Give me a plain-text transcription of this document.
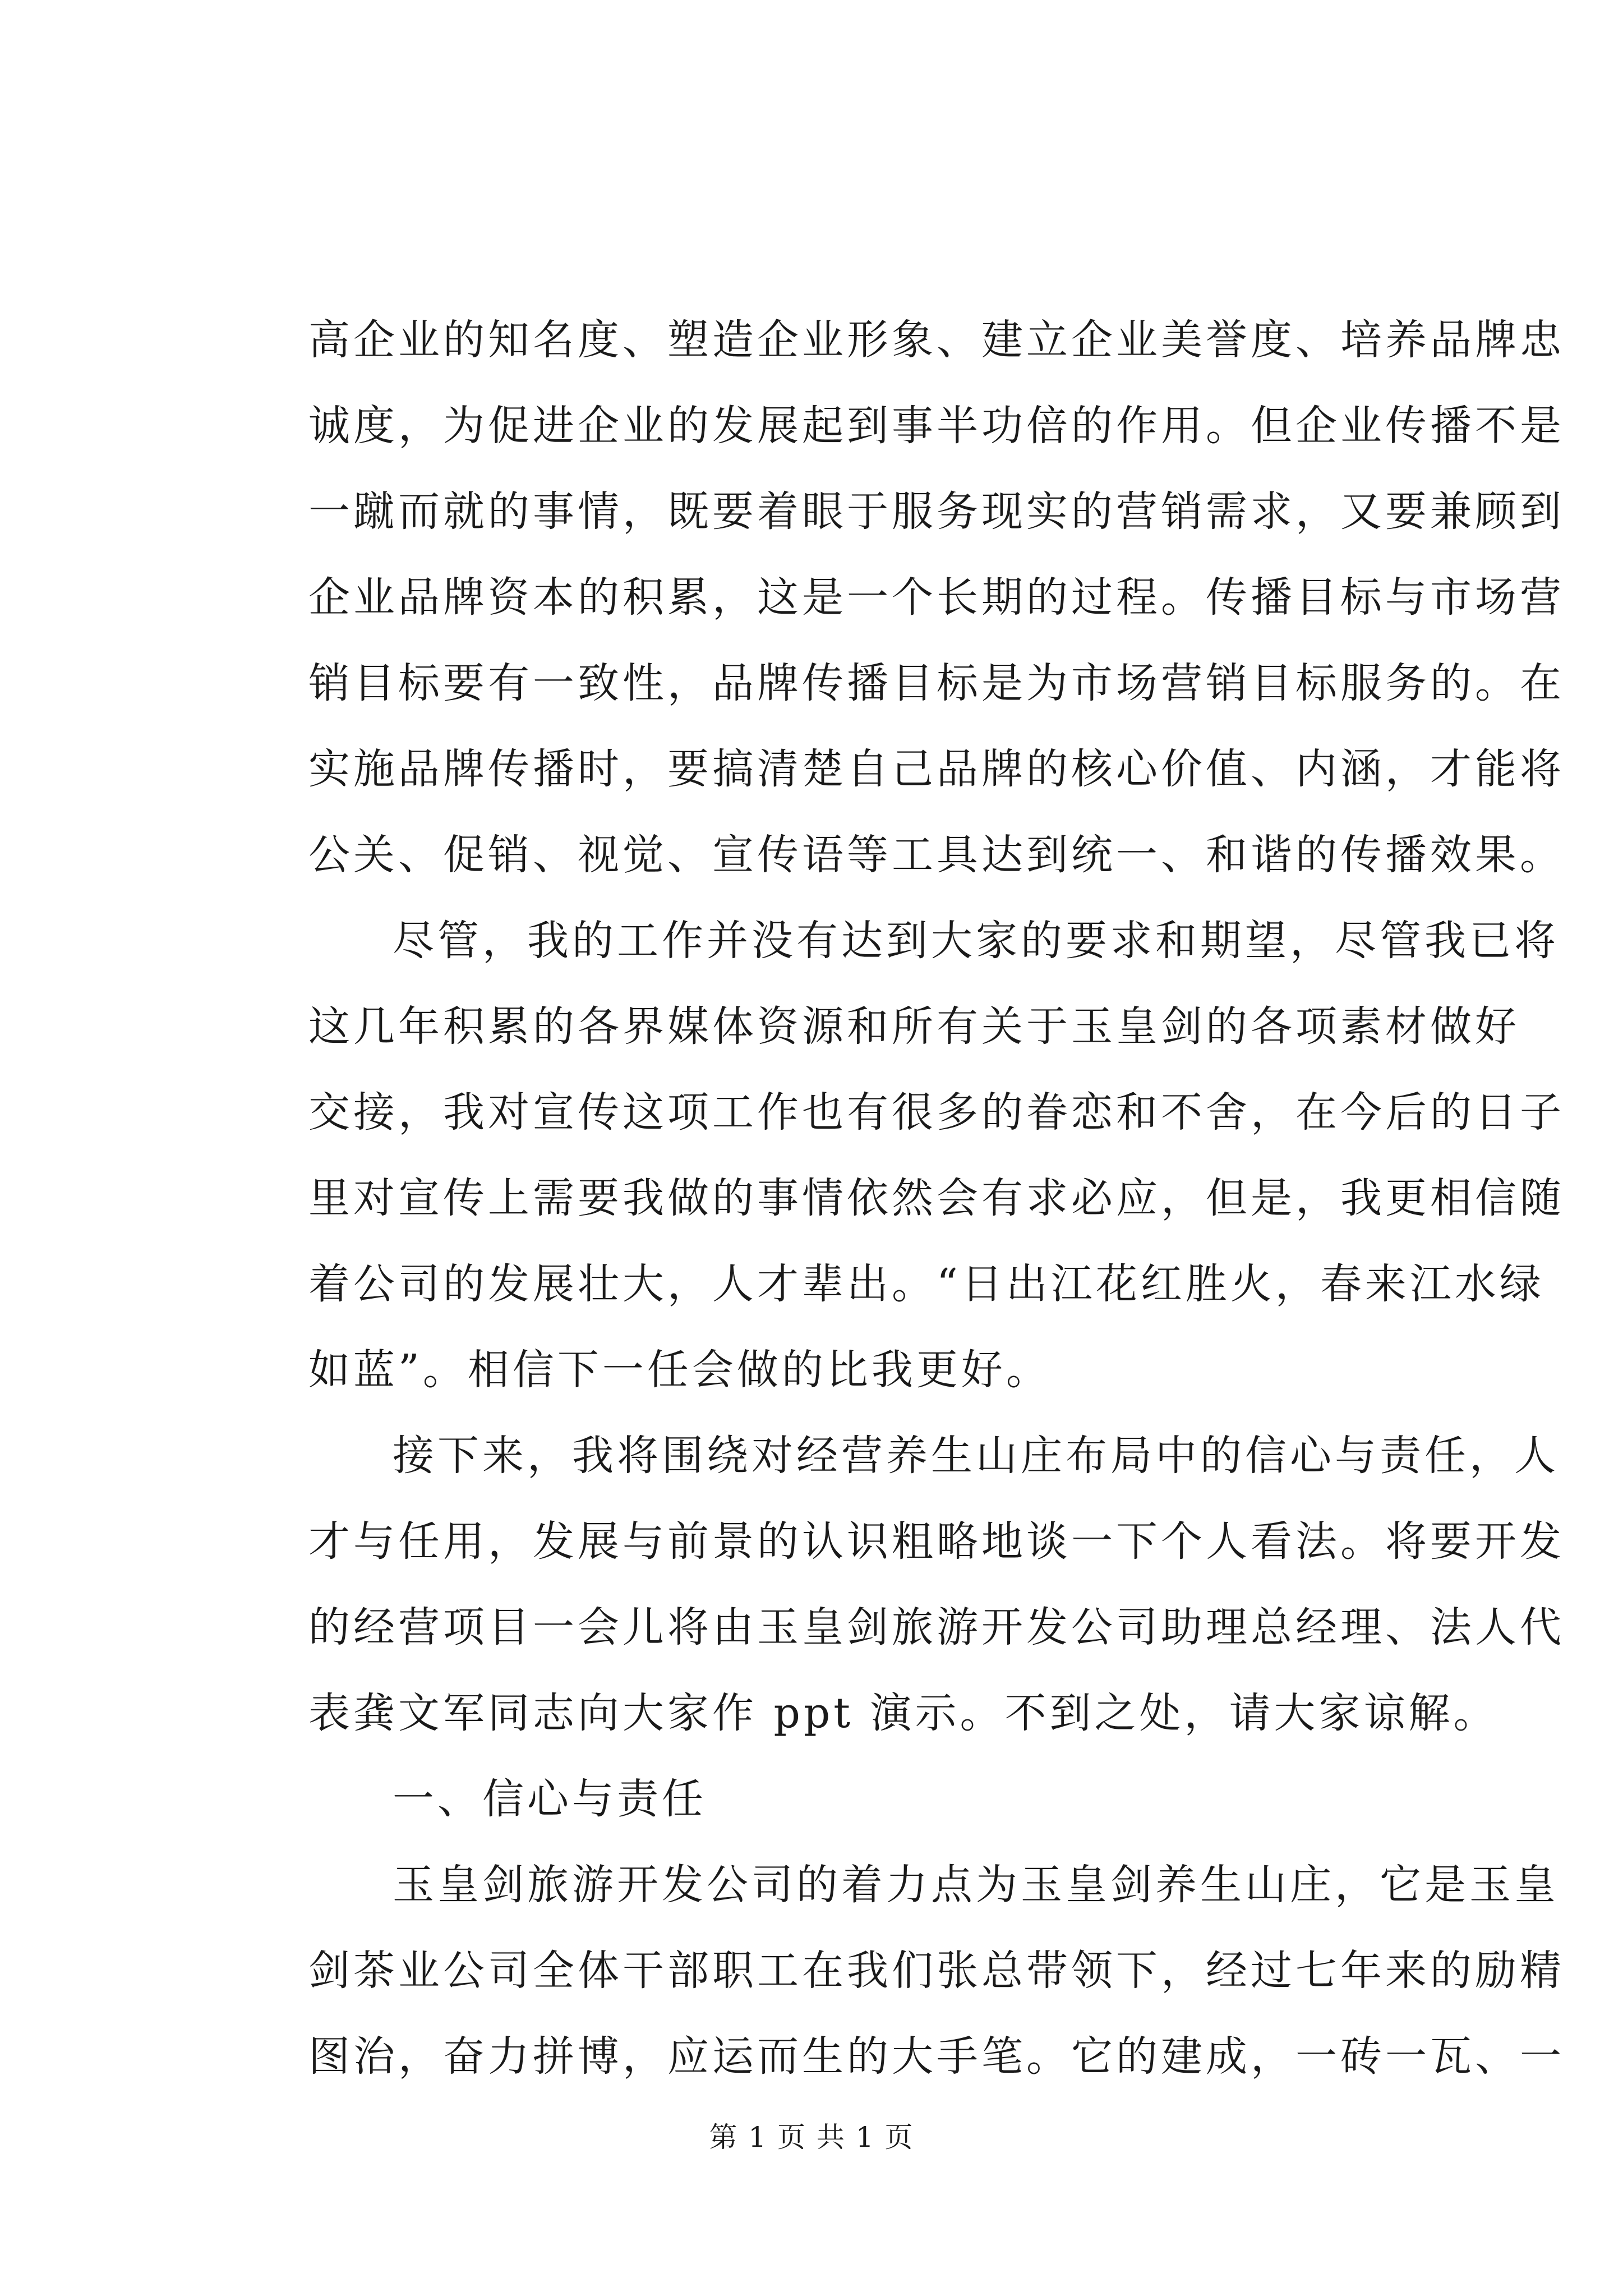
高企业的知名度、塑造企业形象、建立企业美誉度、培养品牌忠
诚度，为促进企业的发展起到事半功倍的作用。但企业传播不是
一蹴而就的事情，既要着眼于服务现实的营销需求，又要兼顾到
企业品牌资本的积累，这是一个长期的过程。传播目标与市场营
销目标要有一致性，品牌传播目标是为市场营销目标服务的。在
实施品牌传播时，要搞清楚自己品牌的核心价值、内涵，才能将
公关、促销、视觉、宣传语等工具达到统一、和谐的传播效果。
尽管，我的工作并没有达到大家的要求和期望，尽管我已将
这几年积累的各界媒体资源和所有关于玉皇剑的各项素材做好
交接，我对宣传这项工作也有很多的眷恋和不舍，在今后的日子
里对宣传上需要我做的事情依然会有求必应，但是，我更相信随
着公司的发展壮大，人才辈出。“日出江花红胜火，春来江水绿
如蓝”。相信下一任会做的比我更好。
接下来，我将围绕对经营养生山庄布局中的信心与责任，人
才与任用，发展与前景的认识粗略地谈一下个人看法。将要开发
的经营项目一会儿将由玉皇剑旅游开发公司助理总经理、法人代
表龚文军同志向大家作 ppt 演示。不到之处，请大家谅解。
一、信心与责任
玉皇剑旅游开发公司的着力点为玉皇剑养生山庄，它是玉皇
剑茶业公司全体干部职工在我们张总带领下，经过七年来的励精
图治，奋力拼博，应运而生的大手笔。它的建成，一砖一瓦、一
第 1 页 共 1 页
